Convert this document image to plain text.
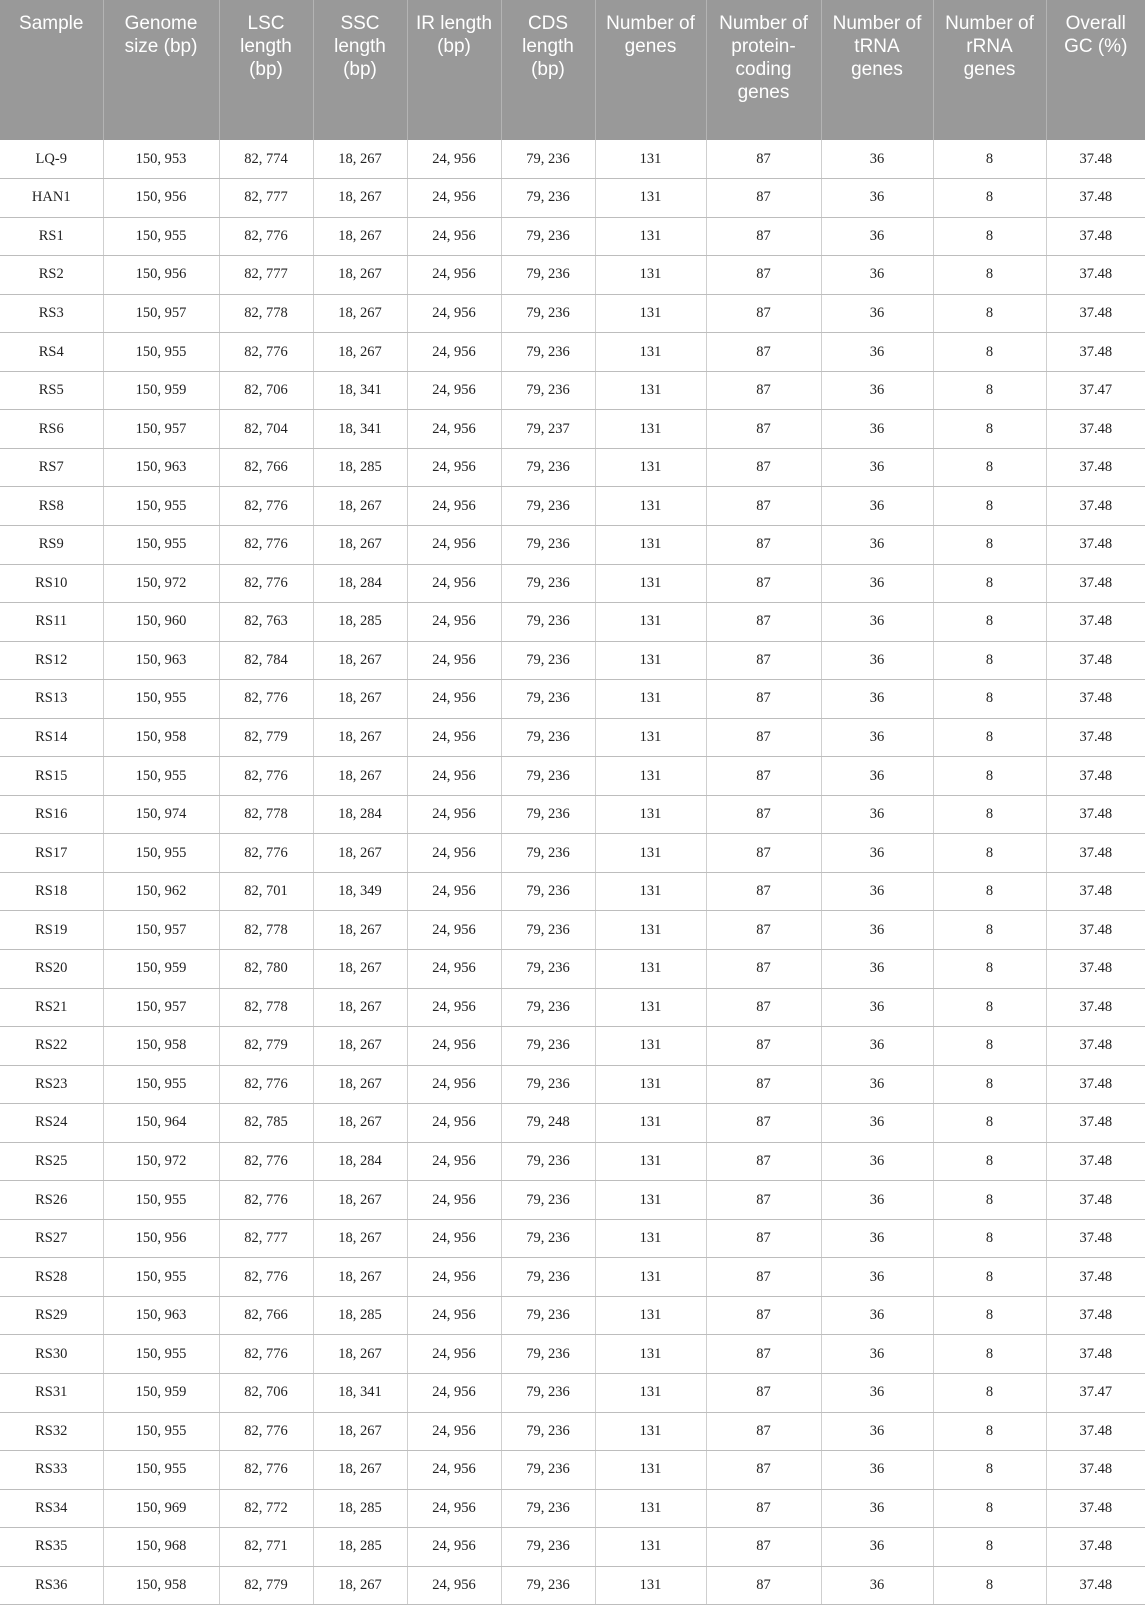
Sample	Genome size (bp)	LSC length (bp)	SSC length (bp)	IR length (bp)	CDS length (bp)	Number of genes	Number of protein-coding genes	Number of tRNA genes	Number of rRNA genes	Overall GC (%)
LQ-9	150, 953	82, 774	18, 267	24, 956	79, 236	131	87	36	8	37.48
HAN1	150, 956	82, 777	18, 267	24, 956	79, 236	131	87	36	8	37.48
RS1	150, 955	82, 776	18, 267	24, 956	79, 236	131	87	36	8	37.48
RS2	150, 956	82, 777	18, 267	24, 956	79, 236	131	87	36	8	37.48
RS3	150, 957	82, 778	18, 267	24, 956	79, 236	131	87	36	8	37.48
RS4	150, 955	82, 776	18, 267	24, 956	79, 236	131	87	36	8	37.48
RS5	150, 959	82, 706	18, 341	24, 956	79, 236	131	87	36	8	37.47
RS6	150, 957	82, 704	18, 341	24, 956	79, 237	131	87	36	8	37.48
RS7	150, 963	82, 766	18, 285	24, 956	79, 236	131	87	36	8	37.48
RS8	150, 955	82, 776	18, 267	24, 956	79, 236	131	87	36	8	37.48
RS9	150, 955	82, 776	18, 267	24, 956	79, 236	131	87	36	8	37.48
RS10	150, 972	82, 776	18, 284	24, 956	79, 236	131	87	36	8	37.48
RS11	150, 960	82, 763	18, 285	24, 956	79, 236	131	87	36	8	37.48
RS12	150, 963	82, 784	18, 267	24, 956	79, 236	131	87	36	8	37.48
RS13	150, 955	82, 776	18, 267	24, 956	79, 236	131	87	36	8	37.48
RS14	150, 958	82, 779	18, 267	24, 956	79, 236	131	87	36	8	37.48
RS15	150, 955	82, 776	18, 267	24, 956	79, 236	131	87	36	8	37.48
RS16	150, 974	82, 778	18, 284	24, 956	79, 236	131	87	36	8	37.48
RS17	150, 955	82, 776	18, 267	24, 956	79, 236	131	87	36	8	37.48
RS18	150, 962	82, 701	18, 349	24, 956	79, 236	131	87	36	8	37.48
RS19	150, 957	82, 778	18, 267	24, 956	79, 236	131	87	36	8	37.48
RS20	150, 959	82, 780	18, 267	24, 956	79, 236	131	87	36	8	37.48
RS21	150, 957	82, 778	18, 267	24, 956	79, 236	131	87	36	8	37.48
RS22	150, 958	82, 779	18, 267	24, 956	79, 236	131	87	36	8	37.48
RS23	150, 955	82, 776	18, 267	24, 956	79, 236	131	87	36	8	37.48
RS24	150, 964	82, 785	18, 267	24, 956	79, 248	131	87	36	8	37.48
RS25	150, 972	82, 776	18, 284	24, 956	79, 236	131	87	36	8	37.48
RS26	150, 955	82, 776	18, 267	24, 956	79, 236	131	87	36	8	37.48
RS27	150, 956	82, 777	18, 267	24, 956	79, 236	131	87	36	8	37.48
RS28	150, 955	82, 776	18, 267	24, 956	79, 236	131	87	36	8	37.48
RS29	150, 963	82, 766	18, 285	24, 956	79, 236	131	87	36	8	37.48
RS30	150, 955	82, 776	18, 267	24, 956	79, 236	131	87	36	8	37.48
RS31	150, 959	82, 706	18, 341	24, 956	79, 236	131	87	36	8	37.47
RS32	150, 955	82, 776	18, 267	24, 956	79, 236	131	87	36	8	37.48
RS33	150, 955	82, 776	18, 267	24, 956	79, 236	131	87	36	8	37.48
RS34	150, 969	82, 772	18, 285	24, 956	79, 236	131	87	36	8	37.48
RS35	150, 968	82, 771	18, 285	24, 956	79, 236	131	87	36	8	37.48
RS36	150, 958	82, 779	18, 267	24, 956	79, 236	131	87	36	8	37.48
